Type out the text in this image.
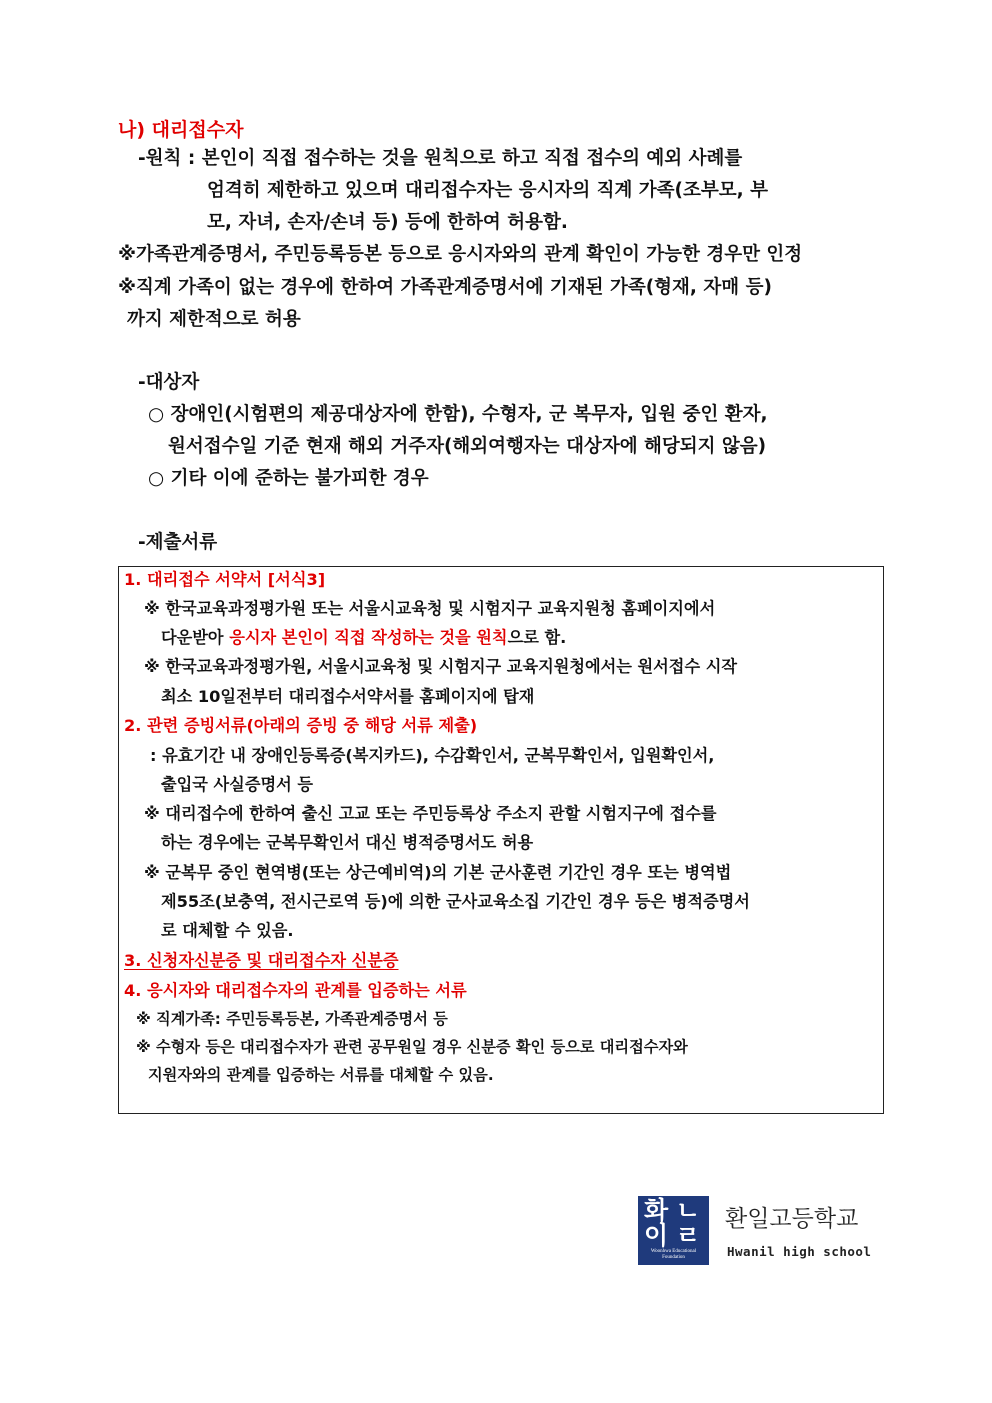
나) 대리접수자
-원칙 : 본인이 직접 접수하는 것을 원칙으로 하고 직접 접수의 예외 사례를
엄격히 제한하고 있으며 대리접수자는 응시자의 직계 가족(조부모, 부
모, 자녀, 손자/손녀 등) 등에 한하여 허용함.
※가족관계증명서, 주민등록등본 등으로 응시자와의 관계 확인이 가능한 경우만 인정
※직계 가족이 없는 경우에 한하여 가족관계증명서에 기재된 가족(형재, 자매 등)
까지 제한적으로 허용
-대상자
○ 장애인(시험편의 제공대상자에 한함), 수형자, 군 복무자, 입원 중인 환자,
원서접수일 기준 현재 해외 거주자(해외여행자는 대상자에 해당되지 않음)
○ 기타 이에 준하는 불가피한 경우
-제출서류
1. 대리접수 서약서 [서식3]
※ 한국교육과정평가원 또는 서울시교육청 및 시험지구 교육지원청 홈페이지에서
다운받아 응시자 본인이 직접 작성하는 것을 원칙으로 함.
※ 한국교육과정평가원, 서울시교육청 및 시험지구 교육지원청에서는 원서접수 시작
최소 10일전부터 대리접수서약서를 홈페이지에 탑재
2. 관련 증빙서류(아래의 증빙 중 해당 서류 제출)
: 유효기간 내 장애인등록증(복지카드), 수감확인서, 군복무확인서, 입원확인서,
출입국 사실증명서 등
※ 대리접수에 한하여 출신 고교 또는 주민등록상 주소지 관할 시험지구에 접수를
하는 경우에는 군복무확인서 대신 병적증명서도 허용
※ 군복무 중인 현역병(또는 상근예비역)의 기본 군사훈련 기간인 경우 또는 병역법
제55조(보충역, 전시근로역 등)에 의한 군사교육소집 기간인 경우 등은 병적증명서
로 대체할 수 있음.
3. 신청자신분증 및 대리접수자 신분증
4. 응시자와 대리접수자의 관계를 입증하는 서류
※ 직계가족: 주민등록등본, 가족관계증명서 등
※ 수형자 등은 대리접수자가 관련 공무원일 경우 신분증 확인 등으로 대리접수자와
지원자와의 관계를 입증하는 서류를 대체할 수 있음.
화 ㄴ
이 ㄹ
Woonhwa Educational Foundation
환일고등학교
Hwanil high school
